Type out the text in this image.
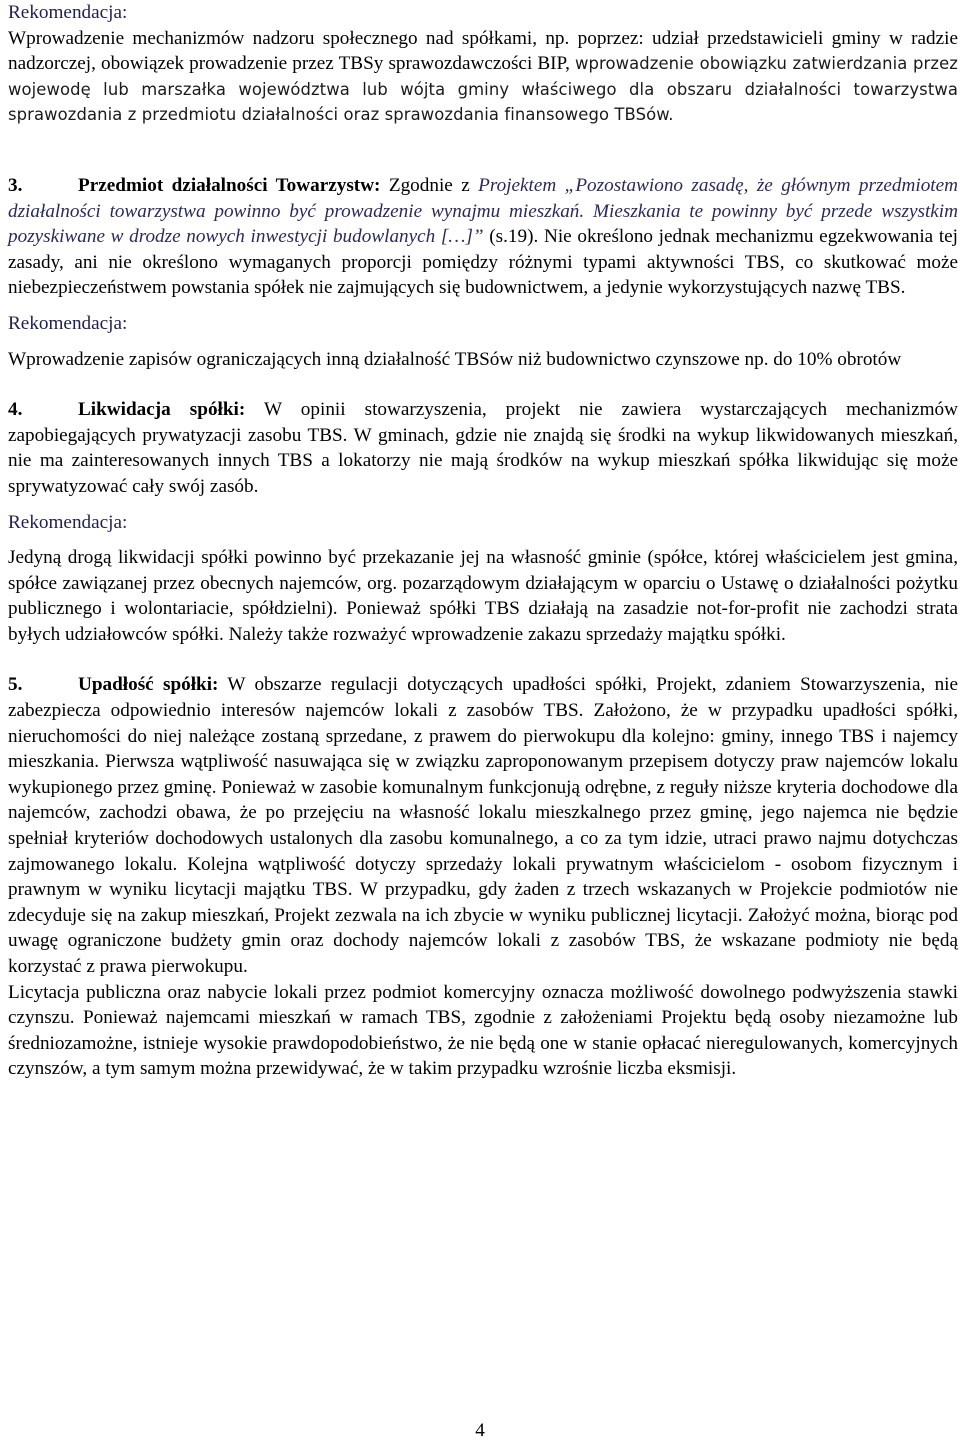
Rekomendacja:

Wprowadzenie mechanizmów nadzoru społecznego nad spółkami, np. poprzez: udział przedstawicieli gminy w radzie nadzorczej, obowiązek prowadzenie przez TBSy sprawozdawczości BIP, wprowadzenie obowiązku zatwierdzania przez wojewodę lub marszałka województwa lub wójta gminy właściwego dla obszaru działalności towarzystwa sprawozdania z przedmiotu działalności oraz sprawozdania finansowego TBSów.

3.	Przedmiot działalności Towarzystw: Zgodnie z Projektem „Pozostawiono zasadę, że głównym przedmiotem działalności towarzystwa powinno być prowadzenie wynajmu mieszkań. Mieszkania te powinny być przede wszystkim pozyskiwane w drodze nowych inwestycji budowlanych […]” (s.19). Nie określono jednak mechanizmu egzekwowania tej zasady, ani nie określono wymaganych proporcji pomiędzy różnymi typami aktywności TBS, co skutkować może niebezpieczeństwem powstania spółek nie zajmujących się budownictwem, a jedynie wykorzystujących nazwę TBS.

Rekomendacja:

Wprowadzenie zapisów ograniczających inną działalność TBSów niż budownictwo czynszowe np. do 10% obrotów

4.	Likwidacja spółki: W opinii stowarzyszenia, projekt nie zawiera wystarczających mechanizmów zapobiegających prywatyzacji zasobu TBS. W gminach, gdzie nie znajdą się środki na wykup likwidowanych mieszkań, nie ma zainteresowanych innych TBS a lokatorzy nie mają środków na wykup mieszkań spółka likwidując się może sprywatyzować cały swój zasób.

Rekomendacja:

Jedyną drogą likwidacji spółki powinno być przekazanie jej na własność gminie (spółce, której właścicielem jest gmina, spółce zawiązanej przez obecnych najemców, org. pozarządowym działającym w oparciu o Ustawę o działalności pożytku publicznego i wolontariacie, spółdzielni). Ponieważ spółki TBS działają na zasadzie not-for-profit nie zachodzi strata byłych udziałowców spółki. Należy także rozważyć wprowadzenie zakazu sprzedaży majątku spółki.

5.	Upadłość spółki: W obszarze regulacji dotyczących upadłości spółki, Projekt, zdaniem Stowarzyszenia, nie zabezpiecza odpowiednio interesów najemców lokali z zasobów TBS. Założono, że w przypadku upadłości spółki, nieruchomości do niej należące zostaną sprzedane, z prawem do pierwokupu dla kolejno: gminy, innego TBS i najemcy mieszkania. Pierwsza wątpliwość nasuwająca się w związku zaproponowanym przepisem dotyczy praw najemców lokalu wykupionego przez gminę. Ponieważ w zasobie komunalnym funkcjonują odrębne, z reguły niższe kryteria dochodowe dla najemców, zachodzi obawa, że po przejęciu na własność lokalu mieszkalnego przez gminę, jego najemca nie będzie spełniał kryteriów dochodowych ustalonych dla zasobu komunalnego, a co za tym idzie, utraci prawo najmu dotychczas zajmowanego lokalu. Kolejna wątpliwość dotyczy sprzedaży lokali prywatnym właścicielom - osobom fizycznym i prawnym w wyniku licytacji majątku TBS. W przypadku, gdy żaden z trzech wskazanych w Projekcie podmiotów nie zdecyduje się na zakup mieszkań, Projekt zezwala na ich zbycie w wyniku publicznej licytacji. Założyć można, biorąc pod uwagę ograniczone budżety gmin oraz dochody najemców lokali z zasobów TBS, że wskazane podmioty nie będą korzystać z prawa pierwokupu.

Licytacja publiczna oraz nabycie lokali przez podmiot komercyjny oznacza możliwość dowolnego podwyższenia stawki czynszu. Ponieważ najemcami mieszkań w ramach TBS, zgodnie z założeniami Projektu będą osoby niezamożne lub średniozamożne, istnieje wysokie prawdopodobieństwo, że nie będą one w stanie opłacać nieregulowanych, komercyjnych czynszów, a tym samym można przewidywać, że w takim przypadku wzrośnie liczba eksmisji.

4
